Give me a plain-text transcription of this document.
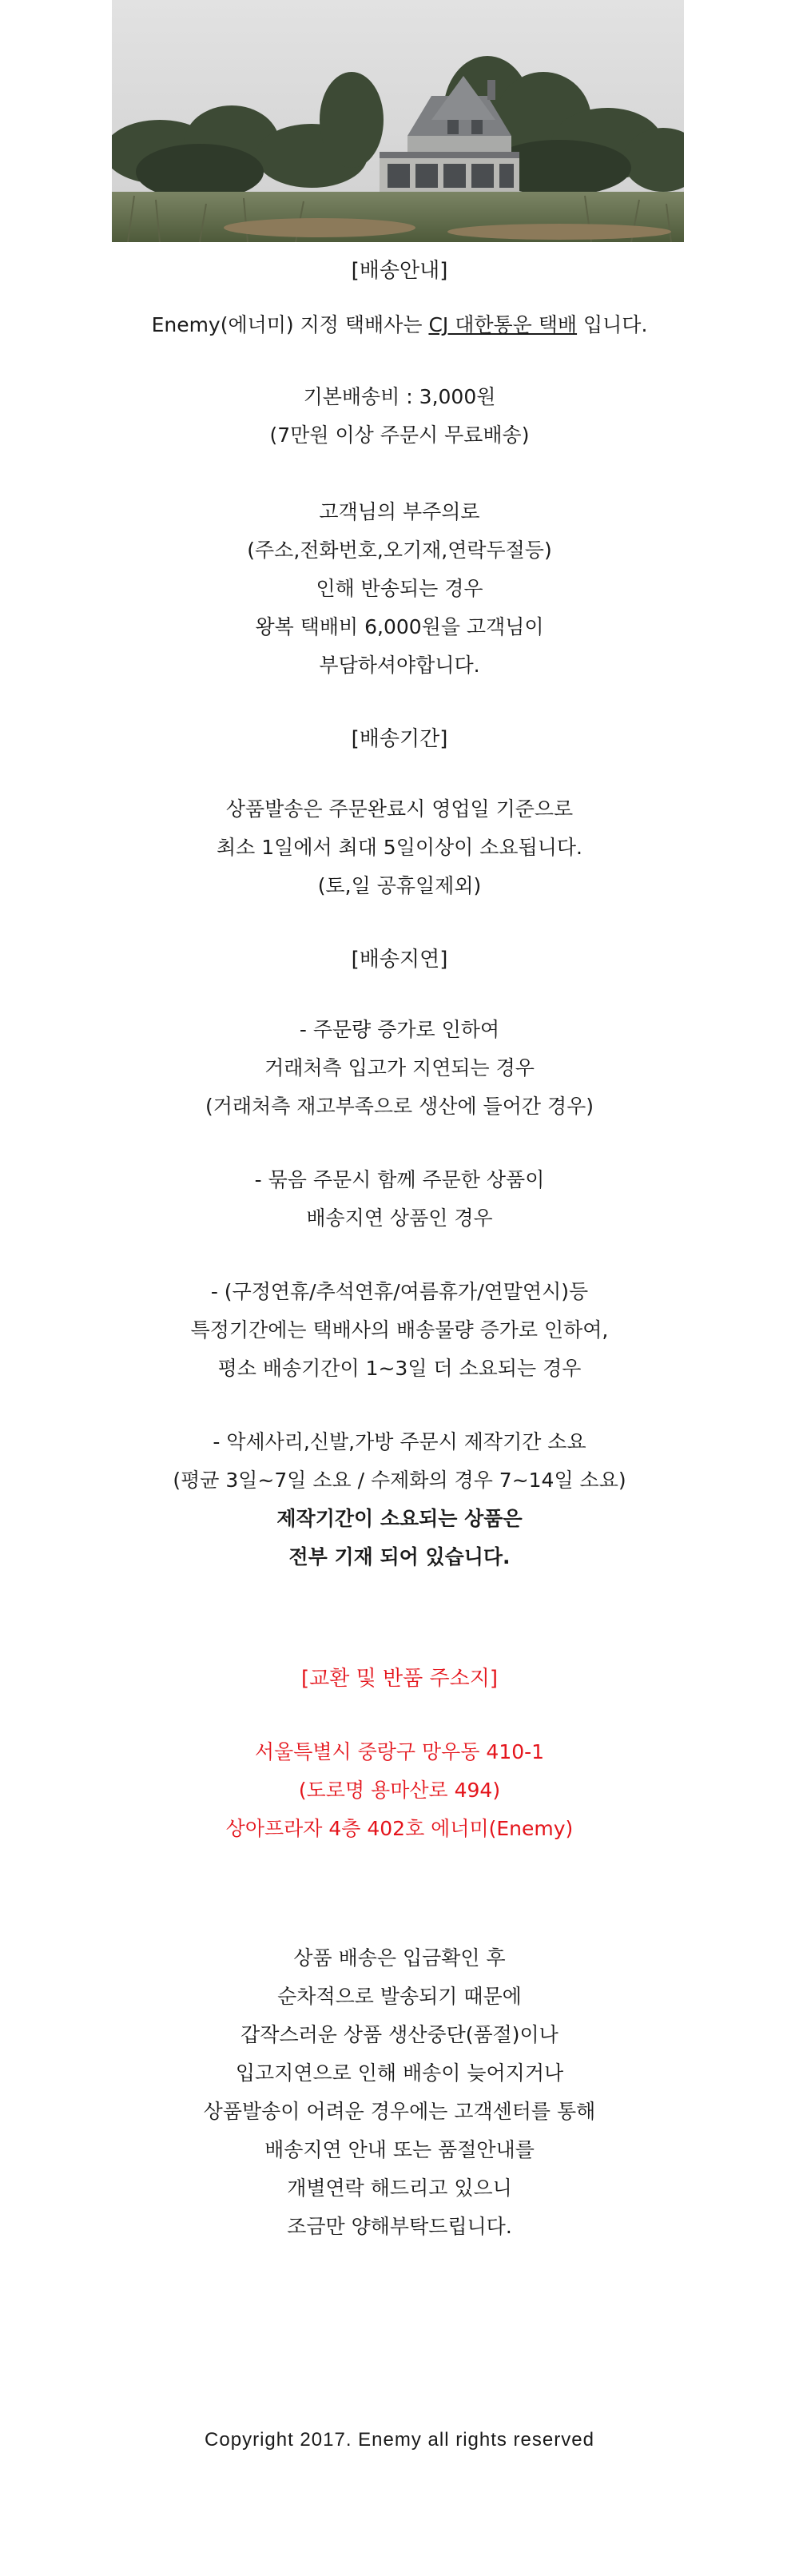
[배송안내]
Enemy(에너미) 지정 택배사는 CJ 대한통운 택배 입니다.
기본배송비 : 3,000원
(7만원 이상 주문시 무료배송)
고객님의 부주의로
(주소,전화번호,오기재,연락두절등)
인해 반송되는 경우
왕복 택배비 6,000원을 고객님이
부담하셔야합니다.
[배송기간]
상품발송은 주문완료시 영업일 기준으로
최소 1일에서 최대 5일이상이 소요됩니다.
(토,일 공휴일제외)
[배송지연]
- 주문량 증가로 인하여
거래처측 입고가 지연되는 경우
(거래처측 재고부족으로 생산에 들어간 경우)
- 묶음 주문시 함께 주문한 상품이
배송지연 상품인 경우
- (구정연휴/추석연휴/여름휴가/연말연시)등
특정기간에는 택배사의 배송물량 증가로 인하여,
평소 배송기간이 1~3일 더 소요되는 경우
- 악세사리,신발,가방 주문시 제작기간 소요
(평균 3일~7일 소요 / 수제화의 경우 7~14일 소요)
제작기간이 소요되는 상품은
전부 기재 되어 있습니다.
[교환 및 반품 주소지]
서울특별시 중랑구 망우동 410-1
(도로명 용마산로 494)
상아프라자 4층 402호 에너미(Enemy)
상품 배송은 입금확인 후
순차적으로 발송되기 때문에
갑작스러운 상품 생산중단(품절)이나
입고지연으로 인해 배송이 늦어지거나
상품발송이 어려운 경우에는 고객센터를 통해
배송지연 안내 또는 품절안내를
개별연락 해드리고 있으니
조금만 양해부탁드립니다.
Copyright 2017. Enemy all rights reserved
